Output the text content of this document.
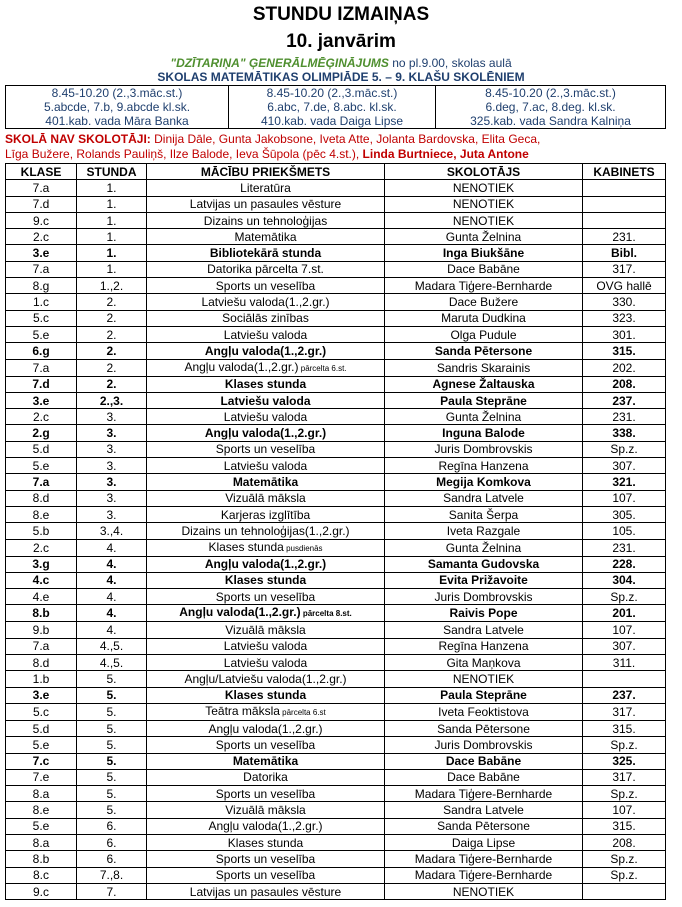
STUNDU IZMAIŅAS
10. janvārim
"DZĪTARIŅA" ĢENERĀLMĒĢINĀJUMS no pl.9.00, skolas aulā
SKOLAS MATEMĀTIKAS OLIMPIĀDE 5. – 9. KLAŠU SKOLĒNIEM
8.45-10.20 (2.,3.māc.st.)
5.abcde, 7.b, 9.abcde kl.sk.
401.kab. vada Māra Banka

8.45-10.20 (2.,3.māc.st.)
6.abc, 7.de, 8.abc. kl.sk.
410.kab. vada Daiga Lipse

8.45-10.20 (2.,3.māc.st.)
6.deg, 7.ac, 8.deg. kl.sk.
325.kab. vada Sandra Kalniņa
SKOLĀ NAV SKOLOTĀJI: Dinija Dāle, Gunta Jakobsone, Iveta Atte, Jolanta Bardovska, Elita Geca,
Līga Bužere, Rolands Pauliņš, Ilze Balode, Ieva Šūpola (pēc 4.st.), Linda Burtniece, Juta Antone
KLASE	STUNDA	MĀCĪBU PRIEKŠMETS	SKOLOTĀJS	KABINETS
7.a	1.	Literatūra	NENOTIEK	
7.d	1.	Latvijas un pasaules vēsture	NENOTIEK	
9.c	1.	Dizains un tehnoloģijas	NENOTIEK	
2.c	1.	Matemātika	Gunta Želnina	231.
3.e	1.	Bibliotekārā stunda	Inga Biukšāne	Bibl.
7.a	1.	Datorika pārcelta 7.st.	Dace Babāne	317.
8.g	1.,2.	Sports un veselība	Madara Tiģere-Bernharde	OVG hallē
1.c	2.	Latviešu valoda(1.,2.gr.)	Dace Bužere	330.
5.c	2.	Sociālās zinības	Maruta Dudkina	323.
5.e	2.	Latviešu valoda	Olga Pudule	301.
6.g	2.	Angļu valoda(1.,2.gr.)	Sanda Pētersone	315.
7.a	2.	Angļu valoda(1.,2.gr.) pārcelta 6.st.	Sandris Skarainis	202.
7.d	2.	Klases stunda	Agnese Žaltauska	208.
3.e	2.,3.	Latviešu valoda	Paula Steprāne	237.
2.c	3.	Latviešu valoda	Gunta Želnina	231.
2.g	3.	Angļu valoda(1.,2.gr.)	Inguna Balode	338.
5.d	3.	Sports un veselība	Juris Dombrovskis	Sp.z.
5.e	3.	Latviešu valoda	Regīna Hanzena	307.
7.a	3.	Matemātika	Megija Komkova	321.
8.d	3.	Vizuālā māksla	Sandra Latvele	107.
8.e	3.	Karjeras izglītība	Sanita Šerpa	305.
5.b	3.,4.	Dizains un tehnoloģijas(1.,2.gr.)	Iveta Razgale	105.
2.c	4.	Klases stunda pusdienās	Gunta Želnina	231.
3.g	4.	Angļu valoda(1.,2.gr.)	Samanta Gudovska	228.
4.c	4.	Klases stunda	Evita Prižavoite	304.
4.e	4.	Sports un veselība	Juris Dombrovskis	Sp.z.
8.b	4.	Angļu valoda(1.,2.gr.) pārcelta 8.st.	Raivis Pope	201.
9.b	4.	Vizuālā māksla	Sandra Latvele	107.
7.a	4.,5.	Latviešu valoda	Regīna Hanzena	307.
8.d	4.,5.	Latviešu valoda	Gita Maņkova	311.
1.b	5.	Angļu/Latviešu valoda(1.,2.gr.)	NENOTIEK	
3.e	5.	Klases stunda	Paula Steprāne	237.
5.c	5.	Teātra māksla pārcelta 6.st	Iveta Feoktistova	317.
5.d	5.	Angļu valoda(1.,2.gr.)	Sanda Pētersone	315.
5.e	5.	Sports un veselība	Juris Dombrovskis	Sp.z.
7.c	5.	Matemātika	Dace Babāne	325.
7.e	5.	Datorika	Dace Babāne	317.
8.a	5.	Sports un veselība	Madara Tiģere-Bernharde	Sp.z.
8.e	5.	Vizuālā māksla	Sandra Latvele	107.
5.e	6.	Angļu valoda(1.,2.gr.)	Sanda Pētersone	315.
8.a	6.	Klases stunda	Daiga Lipse	208.
8.b	6.	Sports un veselība	Madara Tiģere-Bernharde	Sp.z.
8.c	7.,8.	Sports un veselība	Madara Tiģere-Bernharde	Sp.z.
9.c	7.	Latvijas un pasaules vēsture	NENOTIEK	
